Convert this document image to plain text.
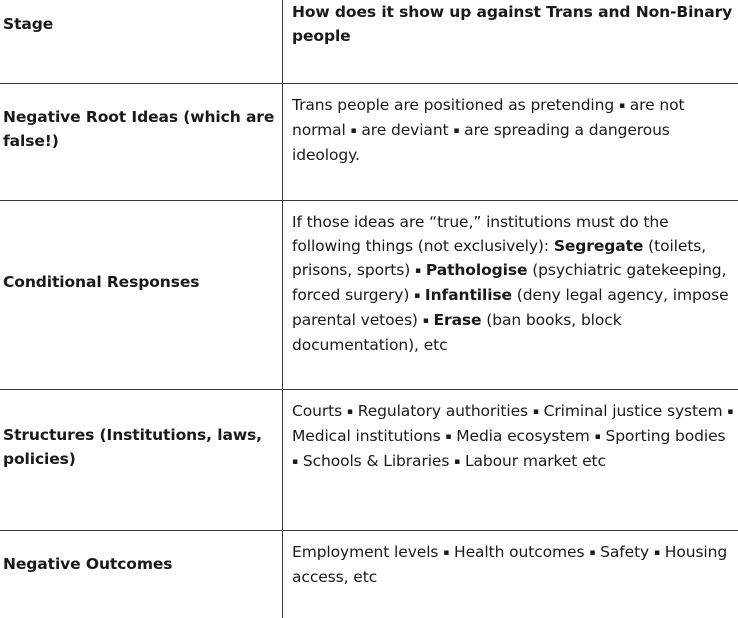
Stage
How does it show up against Trans and Non-Binary people
Negative Root Ideas (which are false!)
Trans people are positioned as pretending ▪ are not normal ▪ are deviant ▪ are spreading a dangerous ideology.
Conditional Responses
If those ideas are “true,” institutions must do the following things (not exclusively): Segregate (toilets, prisons, sports) ▪ Pathologise (psychiatric gatekeeping, forced surgery) ▪ Infantilise (deny legal agency, impose parental vetoes) ▪ Erase (ban books, block documentation), etc
Structures (Institutions, laws, policies)
Courts ▪ Regulatory authorities ▪ Criminal justice system ▪ Medical institutions ▪ Media ecosystem ▪ Sporting bodies ▪ Schools & Libraries ▪ Labour market etc
Negative Outcomes
Employment levels ▪ Health outcomes ▪ Safety ▪ Housing access, etc
